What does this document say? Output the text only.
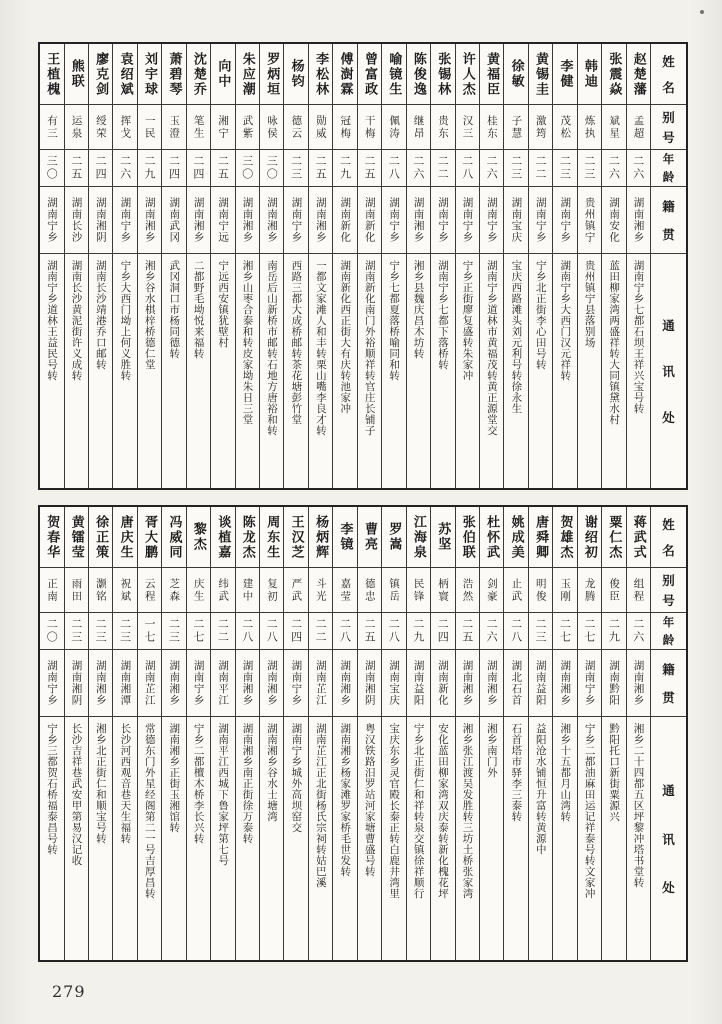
姓
名
别
号
年
龄
籍
贯
通
讯
处
赵楚藩
孟超
二六
湖南湘乡
湖南宁乡七都石坝王祥兴宝号转
张震焱
斌星
二六
湖南安化
蓝田柳家湾两盛祥转大同镇黛水村
韩迪
炼执
二三
贵州镇宁
贵州镇宁县落别场
李健
茂松
二三
湖南宁乡
湖南宁乡大西门汉元祥转
黄锡圭
激筠
二二
湖南宁乡
宁乡北正街李心田号转
徐敏
子慧
二三
湖南宝庆
宝庆西路滩头刘元利号转徐永生
黄福臣
桂东
二六
湖南宁乡
湖南宁乡道林市黄福茂转黄正源堂交
许人杰
汉三
二八
湖南宁乡
宁乡正街廖复盛转朱家冲
张锡林
贵东
二二
湖南宁乡
湖南宁乡七都下落桥转
陈俊逸
继昂
二六
湖南湘乡
湘乡县魏庆昌木坊转
喻镜生
佩涛
二八
湖南宁乡
宁乡七都夏落桥喻同和转
曾富政
干梅
二五
湖南新化
湖南新化南门外裕顺祥转官庄长铺子
傅澍霖
冠梅
二九
湖南新化
湖南新化西正街大有庆转池家冲
李松林
勋威
二五
湖南湘乡
一都文家滩人和丰转栗山嘴李良才转
杨钧
德云
二三
湖南宁乡
西路三都大成桥邮转茶花塘彭竹堂
罗炳垣
咏侯
三〇
湖南湘乡
南岳后山新桥市邮转石地方唐裕和转
朱应潮
武紫
三〇
湖南湘乡
湘乡山枣合泰和转皮家坳朱日三堂
向中
湘宁
二五
湖南宁远
宁远西安镇犹壁村
沈楚乔
笔生
二四
湖南湘乡
二都野毛坳悦来福转
萧碧琴
玉澄
二四
湖南武冈
武冈洞口市杨同德转
刘宇球
一民
二九
湖南湘乡
湘乡谷水棋梓桥德仁堂
袁绍斌
挥戈
二六
湖南宁乡
宁乡大西门坳上何义胜转
廖克剑
绶荣
二四
湖南湘阴
湖南长沙靖港乔口邮转
熊联
运泉
二五
湖南长沙
湖南长沙黄泥街许义成转
王植槐
有三
三〇
湖南宁乡
湖南宁乡道林王益民号转
姓
名
别
号
年
龄
籍
贯
通
讯
处
蒋武式
组程
二六
湖南湘乡
湘乡二十四都五区坪黎冲塔书堂转
粟仁杰
俊臣
二九
湖南黔阳
黔阳托口新街粟源兴
谢绍初
龙腾
二七
湖南宁乡
宁乡二都油麻田运记祥泰号转文家冲
贺雄杰
玉刚
二七
湖南湘乡
湘乡十五都月山湾转
唐舜卿
明俊
二三
湖南益阳
益阳沧水铺恒升富转黄源中
姚成美
止武
二八
湖北石首
石首塔市驿李三泰转
杜怀武
剑豪
二六
湖南湘乡
湘乡南门外
张伯联
浩然
二五
湖南湘乡
湘乡张江渡吴发胜转三坊土桥张家湾
苏坚
柄寰
二四
湖南新化
安化蓝田柳家湾双庆泰转新化槐花坪
江海泉
民锋
二九
湖南益阳
宁乡北正街仁和祥转泉交镇徐祥顺行
罗嵩
镇岳
二八
湖南宝庆
宝庆东乡灵官殿长泰正转白鹿井湾里
曹亮
德忠
二五
湖南湘阴
粤汉铁路汨罗站河家塘曹盛号转
李镜
嘉莹
二八
湖南湘乡
湖南湘乡杨家滩罗家桥毛世发转
杨炳辉
斗光
二二
湖南芷江
湖南芷江正北街杨氏宗祠转姑巴溪
王汉芝
严武
二四
湖南宁乡
湖南宁乡城外高坝窑交
周东生
复初
二八
湖南湘乡
湖南湘乡谷水士塘湾
陈龙杰
建中
二八
湖南湘乡
湖南湘乡南正街徐万泰转
谈植嘉
纬武
二二
湖南平江
湖南平江西城下鲁家坪第七号
黎杰
庆生
二七
湖南宁乡
宁乡二都檀木桥李长兴转
冯威同
芝森
二三
湖南湘乡
湖南湘乡正街玉湘馆转
胥大鹏
云程
一七
湖南芷江
常德东门外星经阁第二一号吉厚昌转
唐庆生
祝斌
二三
湖南湘潭
长沙河西观音巷天生福转
徐正策
灏铭
二三
湖南湘乡
湘乡北正街仁和顺宝号转
黄镭莹
雨田
二三
湖南湘阴
长沙吉祥巷武安甲第易汉记收
贺春华
正南
二〇
湖南宁乡
宁乡三都贺石桥福泰昌号转
279
